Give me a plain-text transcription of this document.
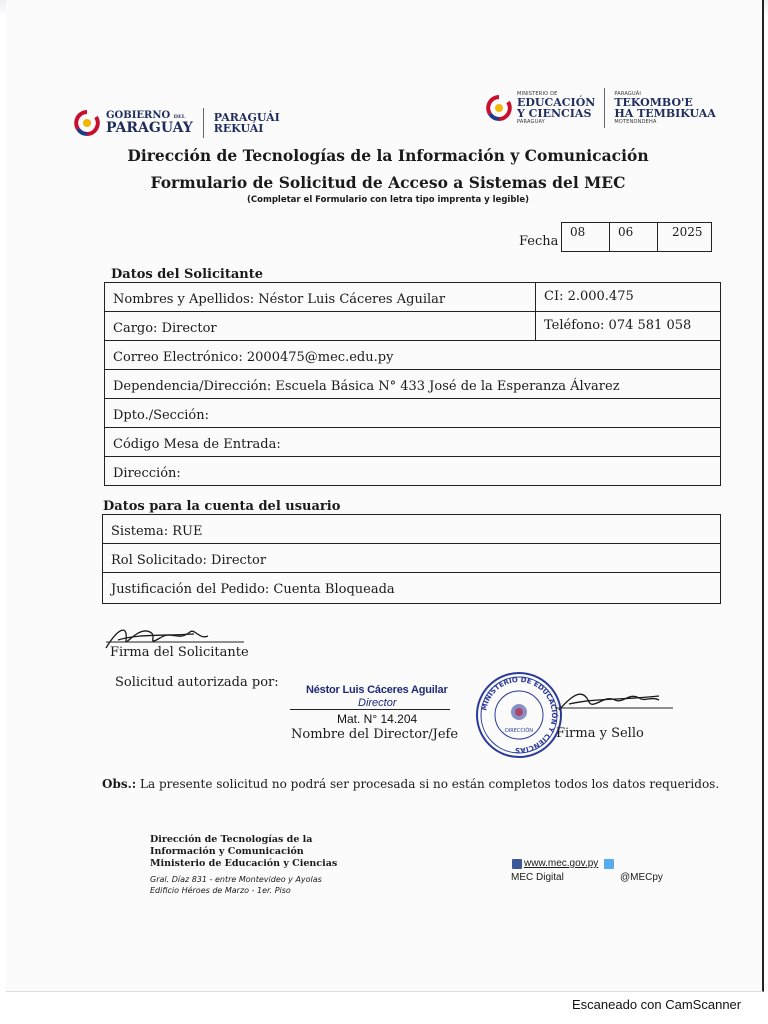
GOBIERNO DEL
PARAGUAY
PARAGUÁI
REKUÁI
MINISTERIO DE
EDUCACIÓN
Y CIENCIAS
PARAGUAY
PARAGUÁI
TEKOMBO'E
HA TEMBIKUAA
MOTENONDEHA
Dirección de Tecnologías de la Información y Comunicación
Formulario de Solicitud de Acceso a Sistemas del MEC
(Completar el Formulario con letra tipo imprenta y legible)
Fecha
08	06	2025
Datos del Solicitante
Nombres y Apellidos: Néstor Luis Cáceres Aguilar	CI: 2.000.475
Cargo: Director	Teléfono: 074 581 058
Correo Electrónico: 2000475@mec.edu.py
Dependencia/Dirección: Escuela Básica N° 433 José de la Esperanza Álvarez
Dpto./Sección:
Código Mesa de Entrada:
Dirección:
Datos para la cuenta del usuario
Sistema: RUE
Rol Solicitado: Director
Justificación del Pedido: Cuenta Bloqueada
Firma del Solicitante
Solicitud autorizada por: Néstor Luis Cáceres Aguilar
Director
Mat. N° 14.204
Nombre del Director/Jefe
MINISTERIO DE EDUCACIÓN Y CIENCIAS
DIRECCIÓN Firma y Sello
Obs.: La presente solicitud no podrá ser procesada si no están completos todos los datos requeridos.
Dirección de Tecnologías de la
Información y Comunicación
Ministerio de Educación y Ciencias
Gral. Díaz 831 - entre Montevideo y Ayolas
Edificio Héroes de Marzo - 1er. Piso
www.mec.gov.py
MEC Digital	@MECpy
Escaneado con CamScanner
